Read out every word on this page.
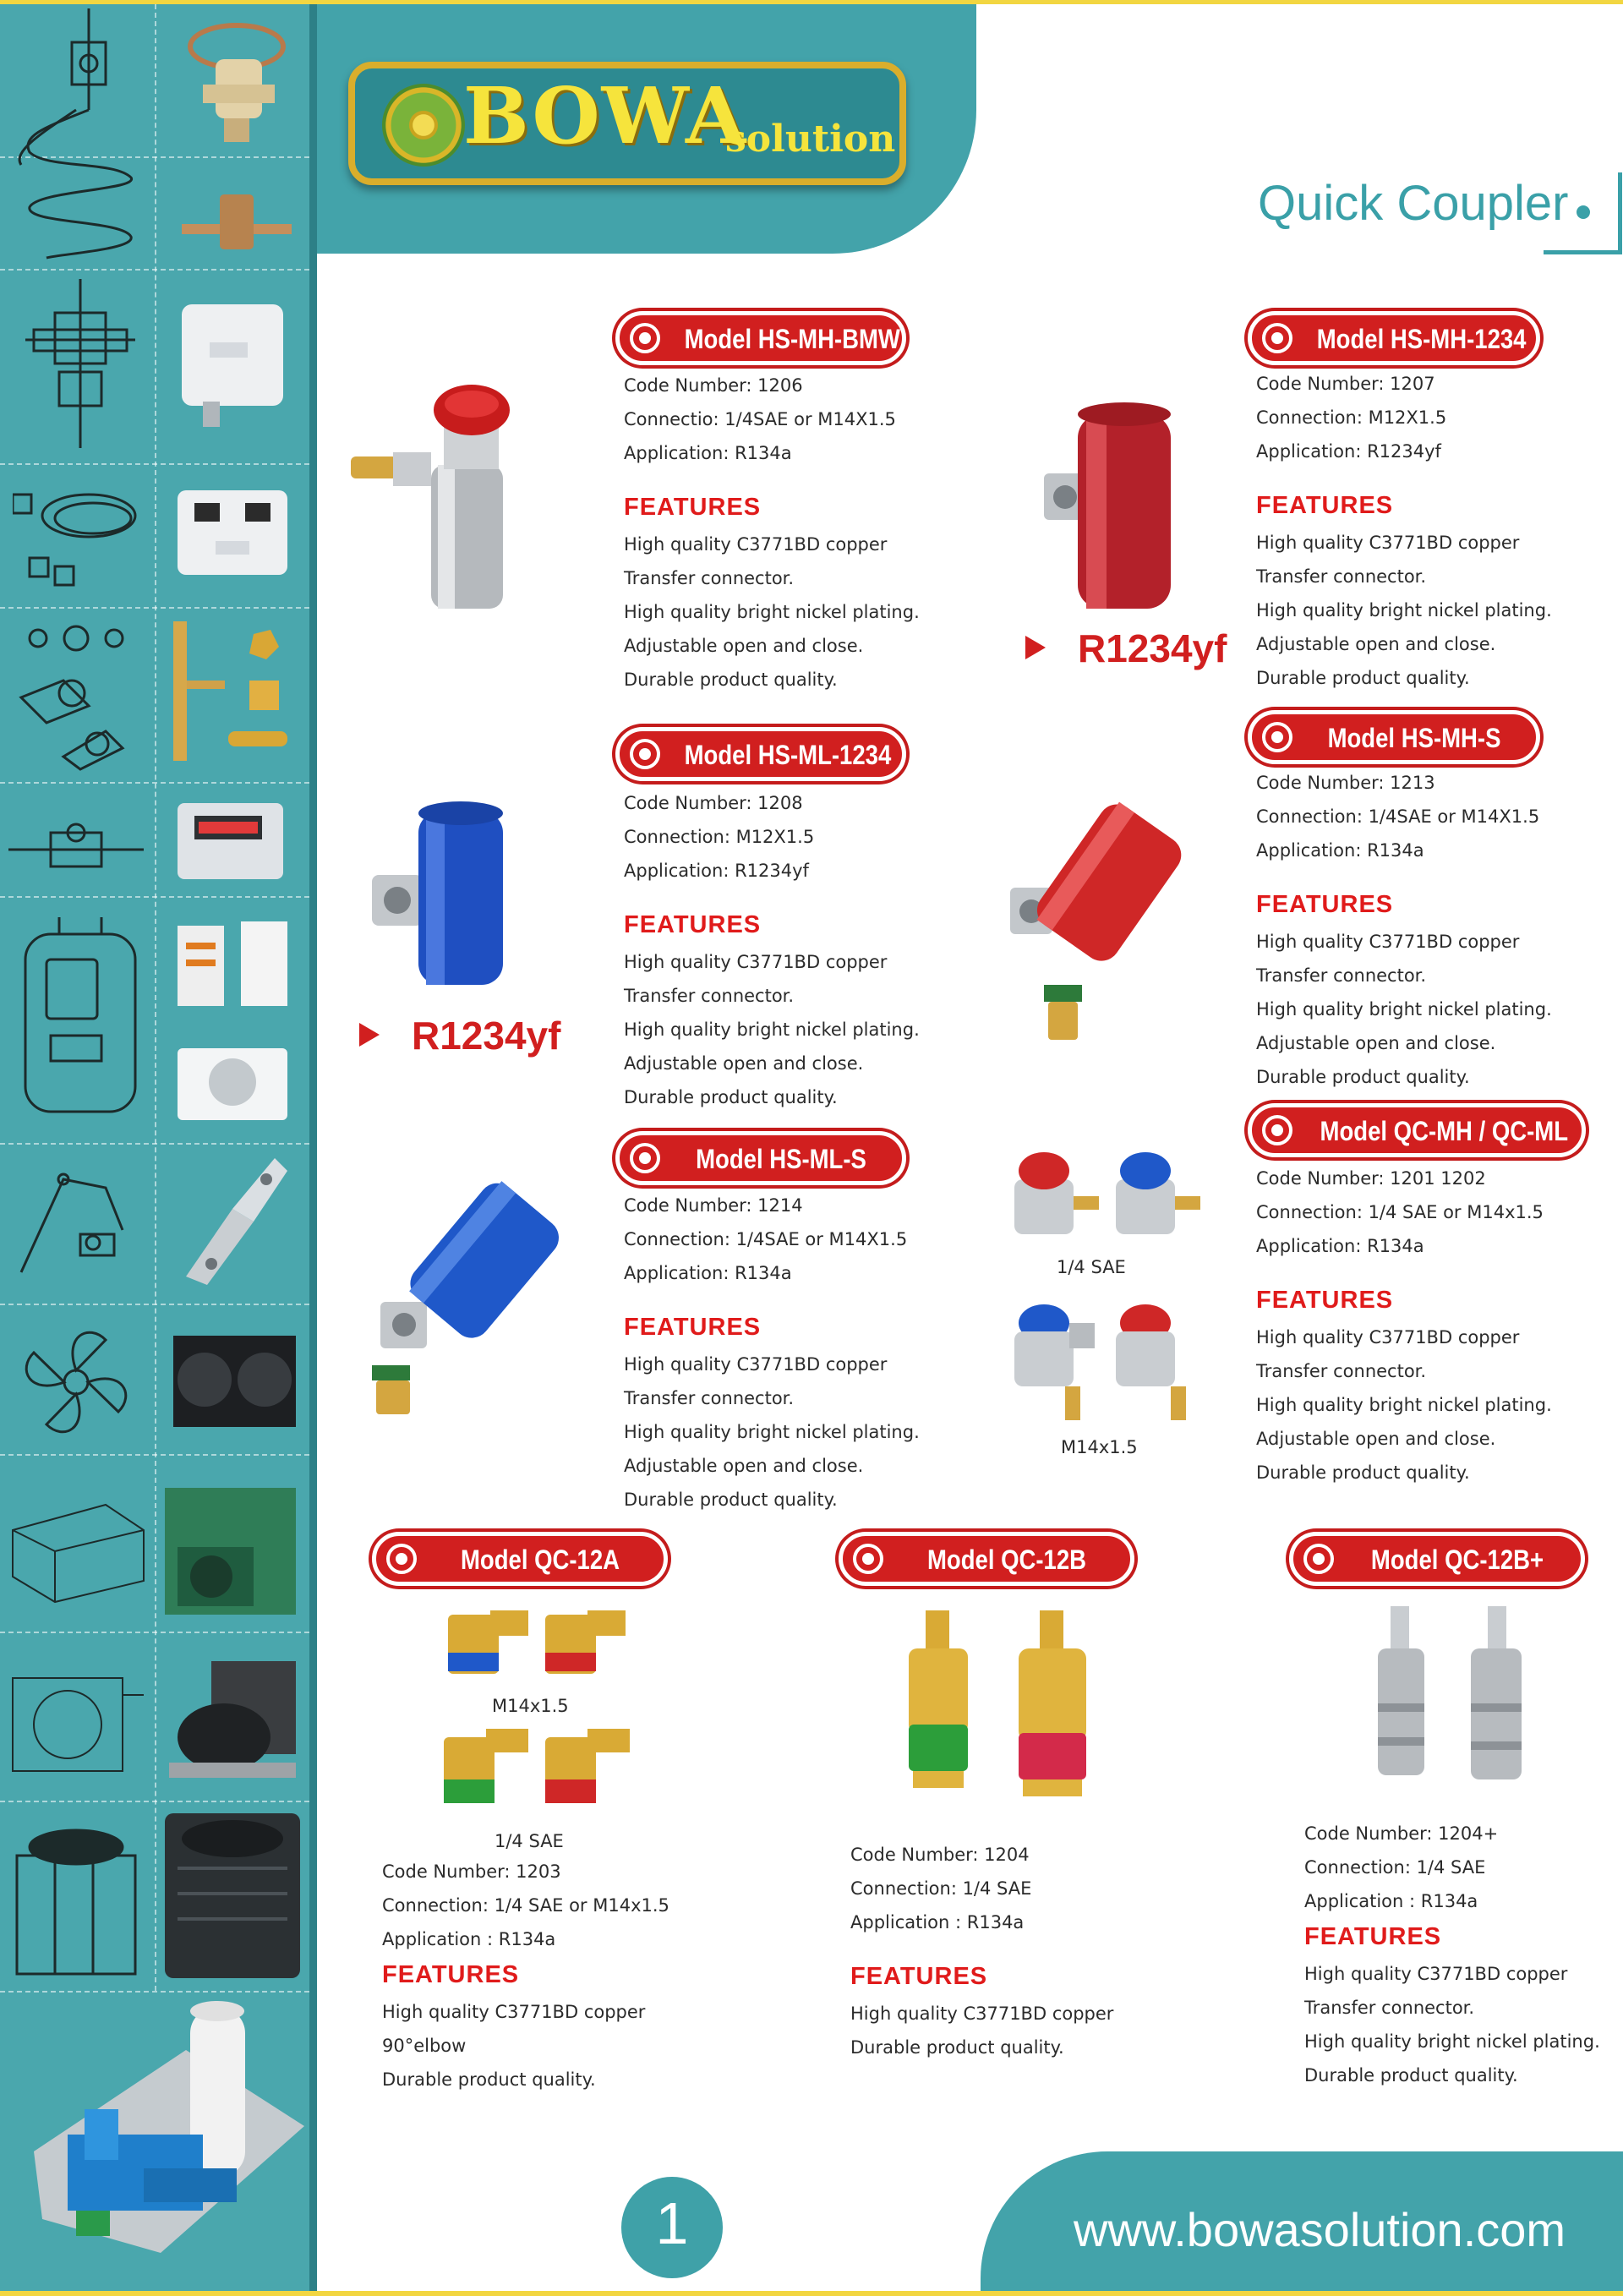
BOWA
solution
Quick Coupler
Model HS-MH-BMW
Code Number: 1206
Connectio: 1/4SAE or M14X1.5
Application: R134a
FEATURES
High quality C3771BD copper
Transfer connector.
High quality bright nickel plating.
Adjustable open and close.
Durable product quality.
R1234yf
Model HS-MH-1234
Code Number: 1207
Connection: M12X1.5
Application: R1234yf
FEATURES
High quality C3771BD copper
Transfer connector.
High quality bright nickel plating.
Adjustable open and close.
Durable product quality.
R1234yf
Model HS-ML-1234
Code Number: 1208
Connection: M12X1.5
Application: R1234yf
FEATURES
High quality C3771BD copper
Transfer connector.
High quality bright nickel plating.
Adjustable open and close.
Durable product quality.
Model HS-MH-S
Code Number: 1213
Connection: 1/4SAE or M14X1.5
Application: R134a
FEATURES
High quality C3771BD copper
Transfer connector.
High quality bright nickel plating.
Adjustable open and close.
Durable product quality.
Model HS-ML-S
Code Number: 1214
Connection: 1/4SAE or M14X1.5
Application: R134a
FEATURES
High quality C3771BD copper
Transfer connector.
High quality bright nickel plating.
Adjustable open and close.
Durable product quality.
1/4 SAE
M14x1.5
Model QC-MH / QC-ML
Code Number: 1201 1202
Connection: 1/4 SAE or M14x1.5
Application: R134a
FEATURES
High quality C3771BD copper
Transfer connector.
High quality bright nickel plating.
Adjustable open and close.
Durable product quality.
Model QC-12A
M14x1.5
1/4 SAE
Code Number: 1203
Connection: 1/4 SAE or M14x1.5
Application : R134a
FEATURES
High quality C3771BD copper
90°elbow
Durable product quality.
Model QC-12B
Code Number: 1204
Connection: 1/4 SAE
Application : R134a
FEATURES
High quality C3771BD copper
Durable product quality.
Model QC-12B+
Code Number: 1204+
Connection: 1/4 SAE
Application : R134a
FEATURES
High quality C3771BD copper
Transfer connector.
High quality bright nickel plating.
Durable product quality.
1	www.bowasolution.com
